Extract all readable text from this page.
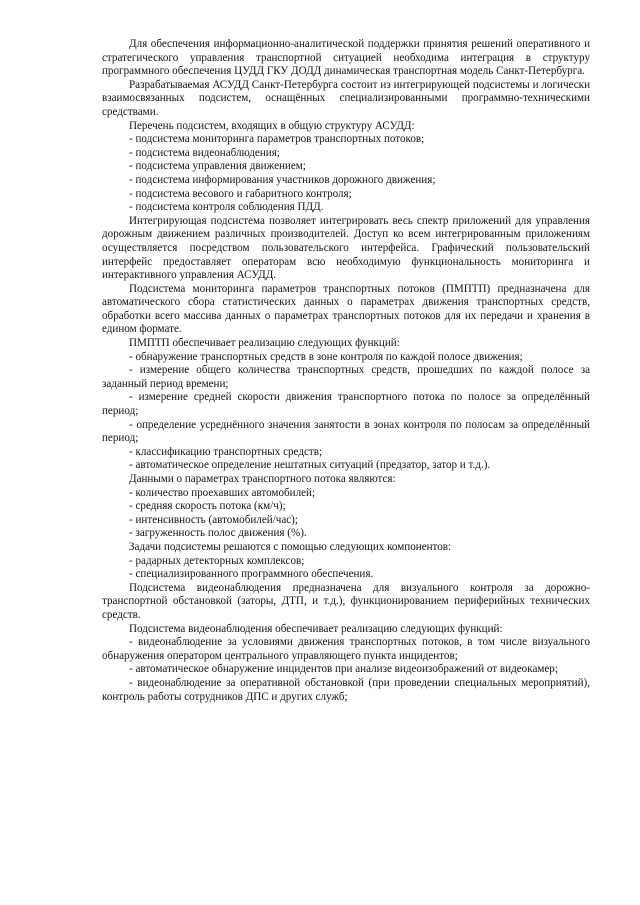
Для обеспечения информационно-аналитической поддержки принятия решений оперативного и стратегического управления транспортной ситуацией необходима интеграция в структуру программного обеспечения ЦУДД ГКУ ДОДД динамическая транспортная модель Санкт-Петербурга.

Разрабатываемая АСУДД Санкт-Петербурга состоит из интегрирующей подсистемы и логически взаимосвязанных подсистем, оснащённых специализированными программно-техническими средствами.

Перечень подсистем, входящих в общую структуру АСУДД:

- подсистема мониторинга параметров транспортных потоков;

- подсистема видеонаблюдения;

- подсистема управления движением;

- подсистема информирования участников дорожного движения;

- подсистема весового и габаритного контроля;

- подсистема контроля соблюдения ПДД.

Интегрирующая подсистема позволяет интегрировать весь спектр приложений для управления дорожным движением различных производителей. Доступ ко всем интегрированным приложениям осуществляется посредством пользовательского интерфейса. Графический пользовательский интерфейс предоставляет операторам всю необходимую функциональность мониторинга и интерактивного управления АСУДД.

Подсистема мониторинга параметров транспортных потоков (ПМПТП) предназначена для автоматического сбора статистических данных о параметрах движения транспортных средств, обработки всего массива данных о параметрах транспортных потоков для их передачи и хранения в едином формате.

ПМПТП обеспечивает реализацию следующих функций:

- обнаружение транспортных средств в зоне контроля по каждой полосе движения;

- измерение общего количества транспортных средств, прошедших по каждой полосе за заданный период времени;

- измерение средней скорости движения транспортного потока по полосе за определённый период;

- определение усреднённого значения занятости в зонах контроля по полосам за определённый период;

- классификацию транспортных средств;

- автоматическое определение нештатных ситуаций (предзатор, затор и т.д.).

Данными о параметрах транспортного потока являются:

- количество проехавших автомобилей;

- средняя скорость потока (км/ч);

- интенсивность (автомобилей/час);

- загруженность полос движения (%).

Задачи подсистемы решаются с помощью следующих компонентов:

- радарных детекторных комплексов;

- специализированного программного обеспечения.

Подсистема видеонаблюдения предназначена для визуального контроля за дорожно-транспортной обстановкой (заторы, ДТП, и т.д.), функционированием периферийных технических средств.

Подсистема видеонаблюдения обеспечивает реализацию следующих функций:

- видеонаблюдение за условиями движения транспортных потоков, в том числе визуального обнаружения оператором центрального управляющего пункта инцидентов;

- автоматическое обнаружение инцидентов при анализе видеоизображений от видеокамер;

- видеонаблюдение за оперативной обстановкой (при проведении специальных мероприятий), контроль работы сотрудников ДПС и других служб;
